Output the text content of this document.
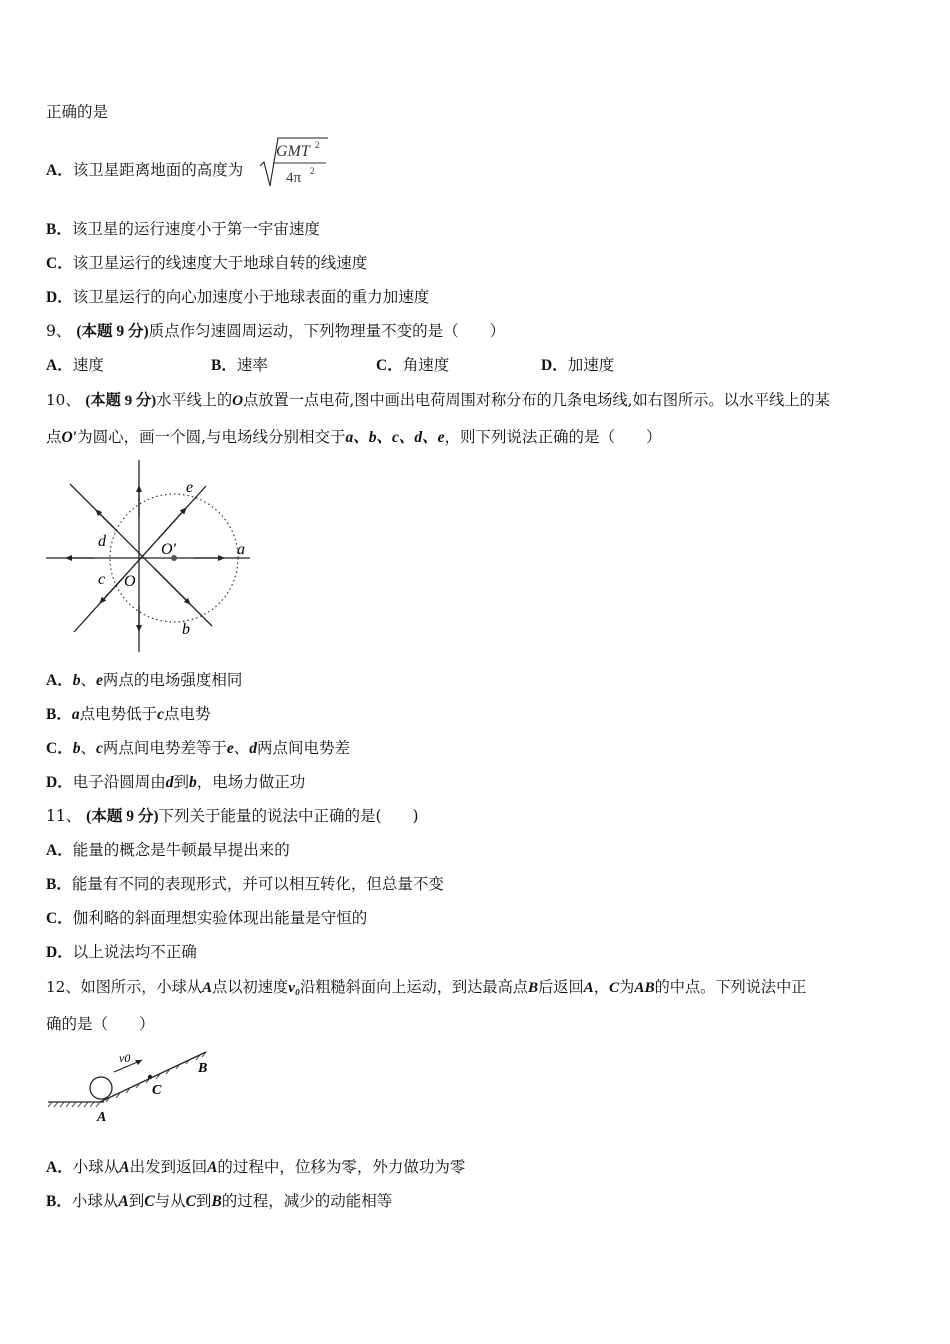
正确的是
A．该卫星距离地面的高度为
GMT 2
4π 2
B．该卫星的运行速度小于第一宇宙速度
C．该卫星运行的线速度大于地球自转的线速度
D．该卫星运行的向心加速度小于地球表面的重力加速度
9、 (本题 9 分)质点作匀速圆周运动，下列物理量不变的是（　　）
A．速度	B．速率	C．角速度	D．加速度
10、 (本题 9 分)水平线上的O点放置一点电荷,图中画出电荷周围对称分布的几条电场线,如右图所示。以水平线上的某
点O′为圆心，画一个圆,与电场线分别相交于a、b、c、d、e，则下列说法正确的是（　　）
e
d	O′	a
c O
b
A．b、e两点的电场强度相同
B．a点电势低于c点电势
C．b、c两点间电势差等于e、d两点间电势差
D．电子沿圆周由d到b，电场力做正功
11、 (本题 9 分)下列关于能量的说法中正确的是(　　)
A．能量的概念是牛顿最早提出来的
B．能量有不同的表现形式，并可以相互转化，但总量不变
C．伽利略的斜面理想实验体现出能量是守恒的
D．以上说法均不正确
12、如图所示，小球从A点以初速度v₀沿粗糙斜面向上运动，到达最高点B后返回A，C为AB的中点。下列说法中正
确的是（　　）
v0
C
B
A
A．小球从A出发到返回A的过程中，位移为零，外力做功为零
B．小球从A到C与从C到B的过程，减少的动能相等
